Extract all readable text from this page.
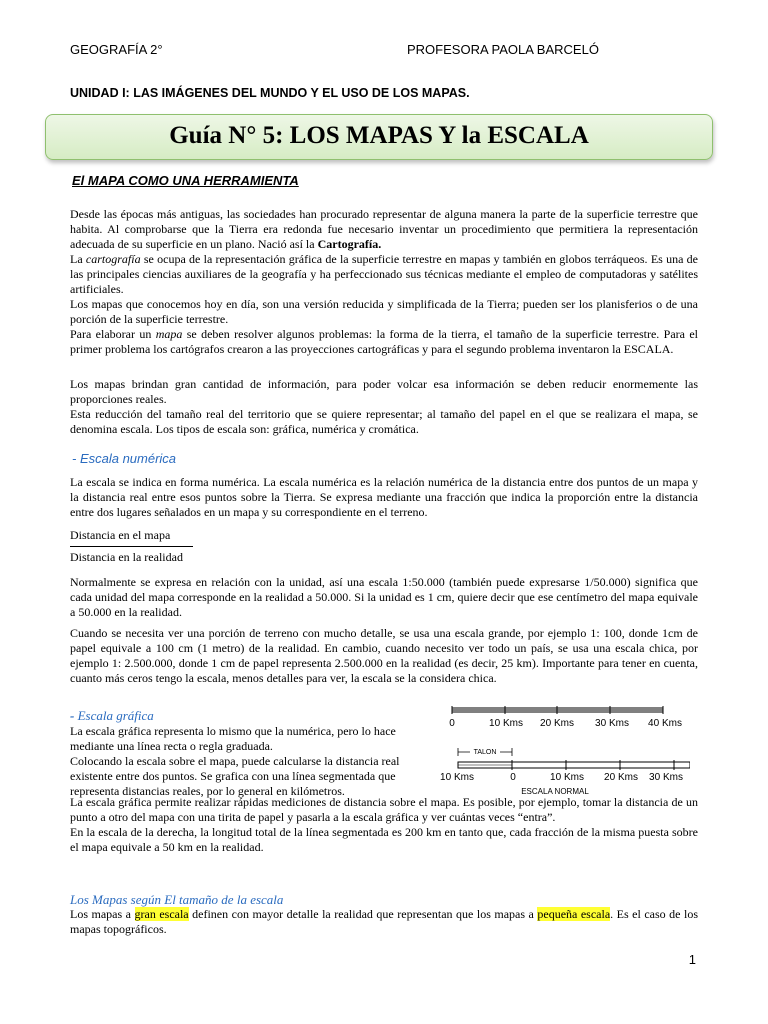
GEOGRAFÍA 2°	PROFESORA PAOLA BARCELÓ
UNIDAD I: LAS IMÁGENES DEL MUNDO Y EL USO DE LOS MAPAS.
Guía N° 5: LOS MAPAS Y la ESCALA
El MAPA COMO UNA HERRAMIENTA
Desde las épocas más antiguas, las sociedades han procurado representar de alguna manera la parte de la superficie terrestre que habita. Al comprobarse que la Tierra era redonda fue necesario inventar un procedimiento que permitiera la representación adecuada de su superficie en un plano. Nació así la Cartografía.
La cartografía se ocupa de la representación gráfica de la superficie terrestre en mapas y también en globos terráqueos. Es una de las principales ciencias auxiliares de la geografía y ha perfeccionado sus técnicas mediante el empleo de computadoras y satélites artificiales.
Los mapas que conocemos hoy en día, son una versión reducida y simplificada de la Tierra; pueden ser los planisferios o de una porción de la superficie terrestre.
Para elaborar un mapa se deben resolver algunos problemas: la forma de la tierra, el tamaño de la superficie terrestre. Para el primer problema los cartógrafos crearon a las proyecciones cartográficas y para el segundo problema inventaron la ESCALA.
Los mapas brindan gran cantidad de información, para poder volcar esa información se deben reducir enormemente las proporciones reales.
Esta reducción del tamaño real del territorio que se quiere representar; al tamaño del papel en el que se realizara el mapa, se denomina escala. Los tipos de escala son: gráfica, numérica y cromática.
- Escala numérica
La escala se indica en forma numérica. La escala numérica es la relación numérica de la distancia entre dos puntos de un mapa y la distancia real entre esos puntos sobre la Tierra. Se expresa mediante una fracción que indica la proporción entre la distancia entre dos lugares señalados en un mapa y su correspondiente en el terreno.
Distancia en el mapa
Distancia en la realidad
Normalmente se expresa en relación con la unidad, así una escala 1:50.000 (también puede expresarse 1/50.000) significa que cada unidad del mapa corresponde en la realidad a 50.000. Si la unidad es 1 cm, quiere decir que ese centímetro del mapa equivale a 50.000 en la realidad.
Cuando se necesita ver una porción de terreno con mucho detalle, se usa una escala grande, por ejemplo 1: 100, donde 1cm de papel equivale a 100 cm (1 metro) de la realidad. En cambio, cuando necesito ver todo un país, se usa una escala chica, por ejemplo 1: 2.500.000, donde 1 cm de papel representa 2.500.000 en la realidad (es decir, 25 km). Importante para tener en cuenta, cuanto más ceros tengo la escala, menos detalles para ver, la escala se la considera chica.
- Escala gráfica
La escala gráfica representa lo mismo que la numérica, pero lo hace mediante una línea recta o regla graduada.
Colocando la escala sobre el mapa, puede calcularse la distancia real existente entre dos puntos. Se grafica con una línea segmentada que representa distancias reales, por lo general en kilómetros.
0	10 Kms 20 Kms 30 Kms 40 Kms
TALON
10 Kms	0	10 Kms 20 Kms 30 Kms
ESCALA NORMAL
La escala gráfica permite realizar rápidas mediciones de distancia sobre el mapa. Es posible, por ejemplo, tomar la distancia de un punto a otro del mapa con una tirita de papel y pasarla a la escala gráfica y ver cuántas veces “entra”.
En la escala de la derecha, la longitud total de la línea segmentada es 200 km en tanto que, cada fracción de la misma puesta sobre el mapa equivale a 50 km en la realidad.
Los Mapas según El tamaño de la escala
Los mapas a gran escala definen con mayor detalle la realidad que representan que los mapas a pequeña escala. Es el caso de los mapas topográficos.
1
